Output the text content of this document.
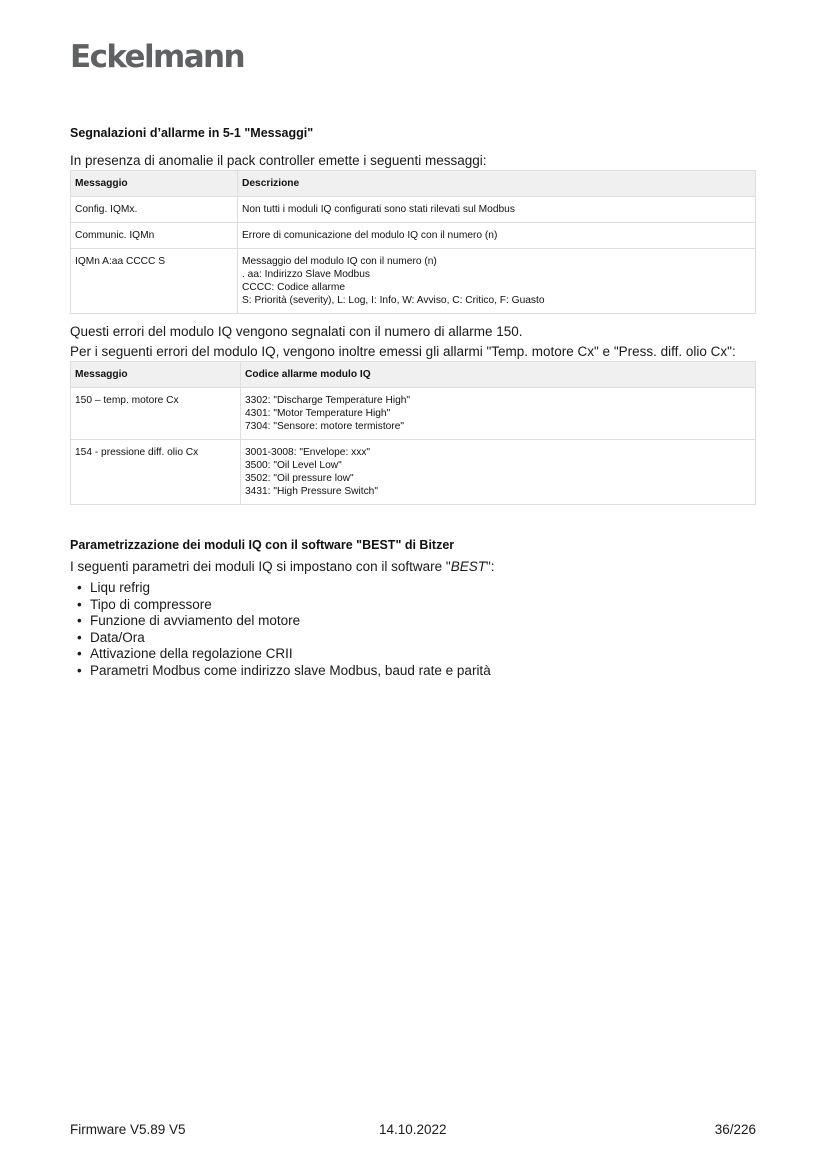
Eckelmann
Segnalazioni d’allarme in 5-1 "Messaggi"

In presenza di anomalie il pack controller emette i seguenti messaggi:

Messaggio	Descrizione
Config. IQMx.	Non tutti i moduli IQ configurati sono stati rilevati sul Modbus

Communic. IQMn	Errore di comunicazione del modulo IQ con il numero (n)

IQMn A:aa CCCC S	Messaggio del modulo IQ con il numero (n)
. aa: Indirizzo Slave Modbus
CCCC: Codice allarme
S: Priorità (severity), L: Log, I: Info, W: Avviso, C: Critico, F: Guasto

Questi errori del modulo IQ vengono segnalati con il numero di allarme 150.

Per i seguenti errori del modulo IQ, vengono inoltre emessi gli allarmi "Temp. motore Cx" e "Press. diff. olio Cx":

Messaggio	Codice allarme modulo IQ
150 – temp. motore Cx	3302: "Discharge Temperature High"
4301: "Motor Temperature High"
7304: "Sensore: motore termistore"

154 - pressione diff. olio Cx	3001-3008: "Envelope: xxx"
3500: "Oil Level Low"
3502: "Oil pressure low"
3431: "High Pressure Switch"
Parametrizzazione dei moduli IQ con il software "BEST" di Bitzer

I seguenti parametri dei moduli IQ si impostano con il software "BEST":

• Liqu refrig
• Tipo di compressore
• Funzione di avviamento del motore
• Data/Ora
• Attivazione della regolazione CRII
• Parametri Modbus come indirizzo slave Modbus, baud rate e parità
Firmware V5.89 V5	14.10.2022	36/226
